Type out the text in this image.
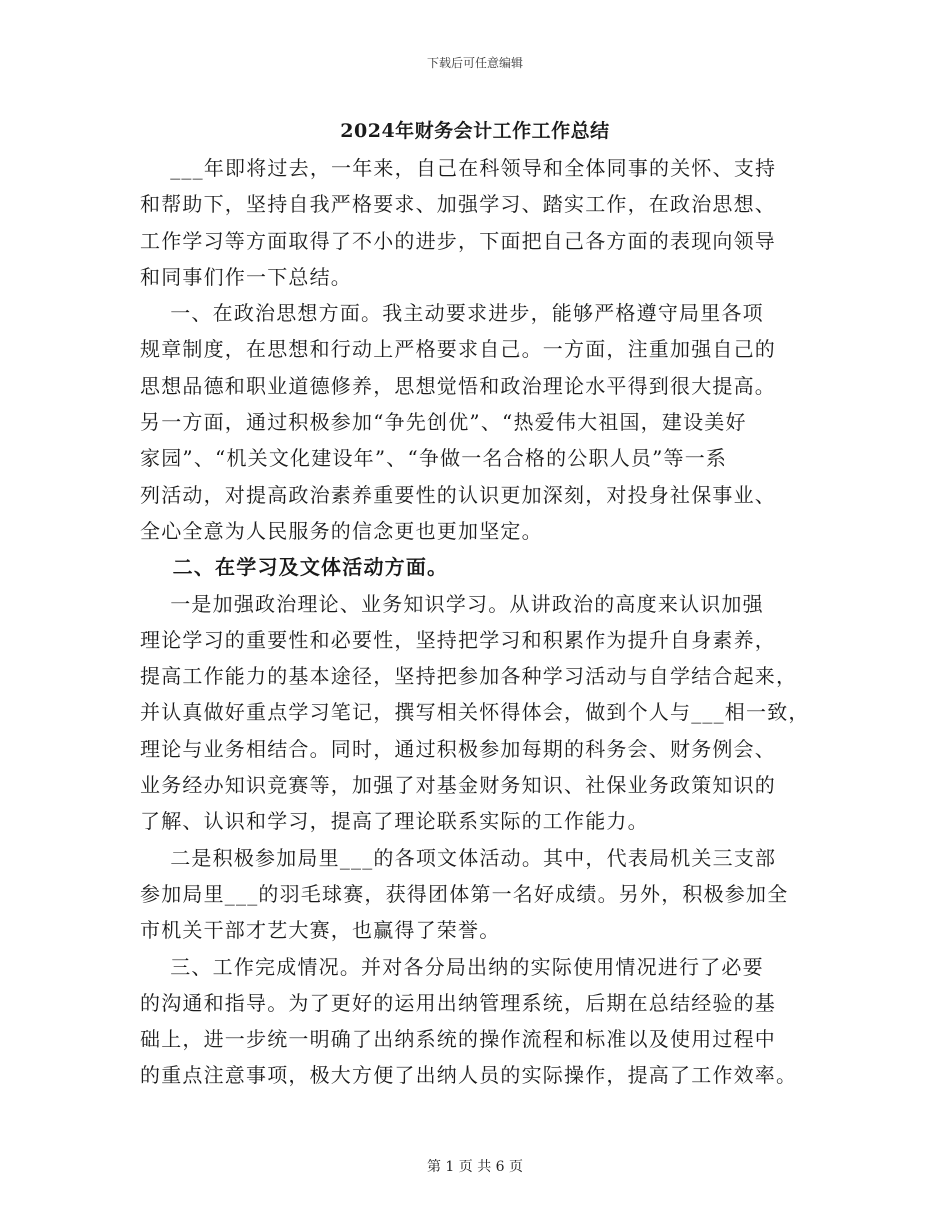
下载后可任意编辑
2024年财务会计工作工作总结
___年即将过去，一年来，自己在科领导和全体同事的关怀、支持
和帮助下，坚持自我严格要求、加强学习、踏实工作，在政治思想、
工作学习等方面取得了不小的进步，下面把自己各方面的表现向领导
和同事们作一下总结。
一、在政治思想方面。我主动要求进步，能够严格遵守局里各项
规章制度，在思想和行动上严格要求自己。一方面，注重加强自己的
思想品德和职业道德修养，思想觉悟和政治理论水平得到很大提高。
另一方面，通过积极参加“争先创优”、“热爱伟大祖国，建设美好
家园”、“机关文化建设年”、“争做一名合格的公职人员”等一系
列活动，对提高政治素养重要性的认识更加深刻，对投身社保事业、
全心全意为人民服务的信念更也更加坚定。
二、在学习及文体活动方面。
一是加强政治理论、业务知识学习。从讲政治的高度来认识加强
理论学习的重要性和必要性，坚持把学习和积累作为提升自身素养，
提高工作能力的基本途径，坚持把参加各种学习活动与自学结合起来，
并认真做好重点学习笔记，撰写相关怀得体会，做到个人与___相一致，
理论与业务相结合。同时，通过积极参加每期的科务会、财务例会、
业务经办知识竞赛等，加强了对基金财务知识、社保业务政策知识的
了解、认识和学习，提高了理论联系实际的工作能力。
二是积极参加局里___的各项文体活动。其中，代表局机关三支部
参加局里___的羽毛球赛，获得团体第一名好成绩。另外，积极参加全
市机关干部才艺大赛，也赢得了荣誉。
三、工作完成情况。并对各分局出纳的实际使用情况进行了必要
的沟通和指导。为了更好的运用出纳管理系统，后期在总结经验的基
础上，进一步统一明确了出纳系统的操作流程和标准以及使用过程中
的重点注意事项，极大方便了出纳人员的实际操作，提高了工作效率。
第 1 页 共 6 页
